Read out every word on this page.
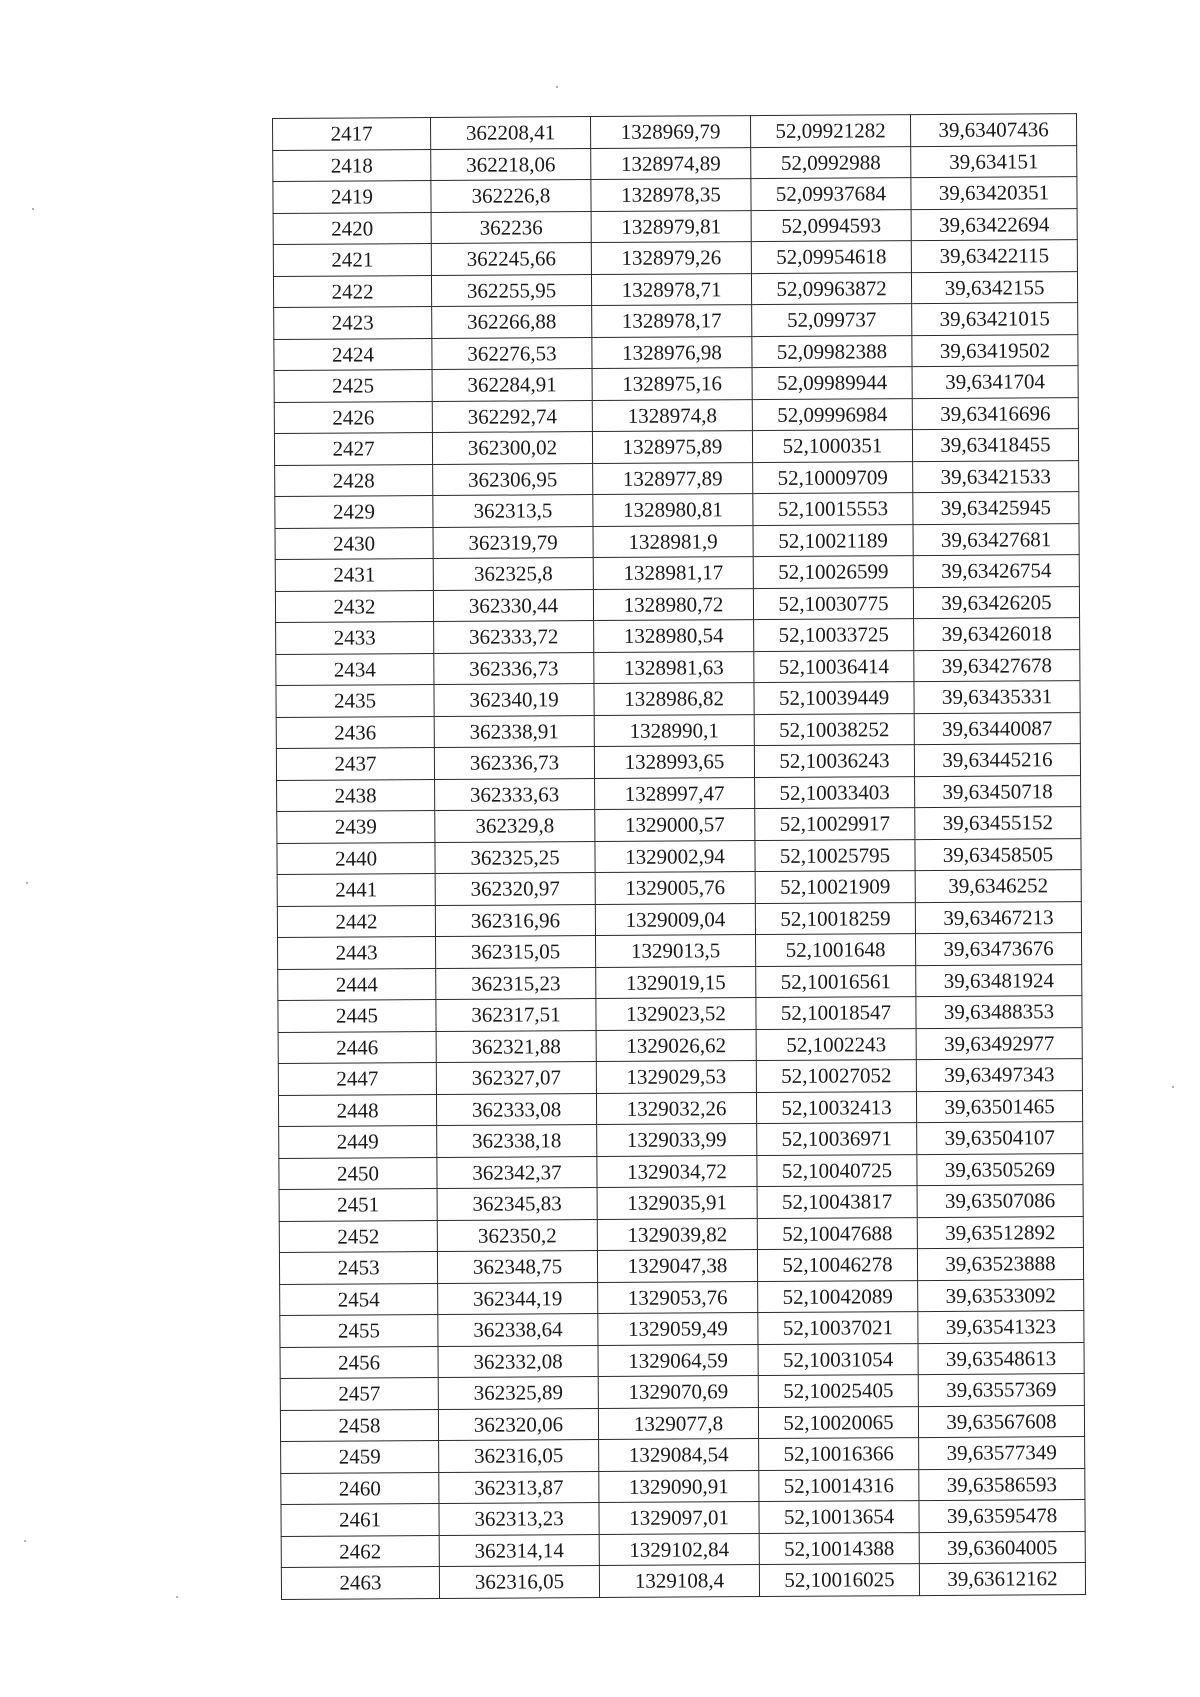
2417	362208,41	1328969,79	52,09921282	39,63407436
2418	362218,06	1328974,89	52,0992988	39,634151
2419	362226,8	1328978,35	52,09937684	39,63420351
2420	362236	1328979,81	52,0994593	39,63422694
2421	362245,66	1328979,26	52,09954618	39,63422115
2422	362255,95	1328978,71	52,09963872	39,6342155
2423	362266,88	1328978,17	52,099737	39,63421015
2424	362276,53	1328976,98	52,09982388	39,63419502
2425	362284,91	1328975,16	52,09989944	39,6341704
2426	362292,74	1328974,8	52,09996984	39,63416696
2427	362300,02	1328975,89	52,1000351	39,63418455
2428	362306,95	1328977,89	52,10009709	39,63421533
2429	362313,5	1328980,81	52,10015553	39,63425945
2430	362319,79	1328981,9	52,10021189	39,63427681
2431	362325,8	1328981,17	52,10026599	39,63426754
2432	362330,44	1328980,72	52,10030775	39,63426205
2433	362333,72	1328980,54	52,10033725	39,63426018
2434	362336,73	1328981,63	52,10036414	39,63427678
2435	362340,19	1328986,82	52,10039449	39,63435331
2436	362338,91	1328990,1	52,10038252	39,63440087
2437	362336,73	1328993,65	52,10036243	39,63445216
2438	362333,63	1328997,47	52,10033403	39,63450718
2439	362329,8	1329000,57	52,10029917	39,63455152
2440	362325,25	1329002,94	52,10025795	39,63458505
2441	362320,97	1329005,76	52,10021909	39,6346252
2442	362316,96	1329009,04	52,10018259	39,63467213
2443	362315,05	1329013,5	52,1001648	39,63473676
2444	362315,23	1329019,15	52,10016561	39,63481924
2445	362317,51	1329023,52	52,10018547	39,63488353
2446	362321,88	1329026,62	52,1002243	39,63492977
2447	362327,07	1329029,53	52,10027052	39,63497343
2448	362333,08	1329032,26	52,10032413	39,63501465
2449	362338,18	1329033,99	52,10036971	39,63504107
2450	362342,37	1329034,72	52,10040725	39,63505269
2451	362345,83	1329035,91	52,10043817	39,63507086
2452	362350,2	1329039,82	52,10047688	39,63512892
2453	362348,75	1329047,38	52,10046278	39,63523888
2454	362344,19	1329053,76	52,10042089	39,63533092
2455	362338,64	1329059,49	52,10037021	39,63541323
2456	362332,08	1329064,59	52,10031054	39,63548613
2457	362325,89	1329070,69	52,10025405	39,63557369
2458	362320,06	1329077,8	52,10020065	39,63567608
2459	362316,05	1329084,54	52,10016366	39,63577349
2460	362313,87	1329090,91	52,10014316	39,63586593
2461	362313,23	1329097,01	52,10013654	39,63595478
2462	362314,14	1329102,84	52,10014388	39,63604005
2463	362316,05	1329108,4	52,10016025	39,63612162
